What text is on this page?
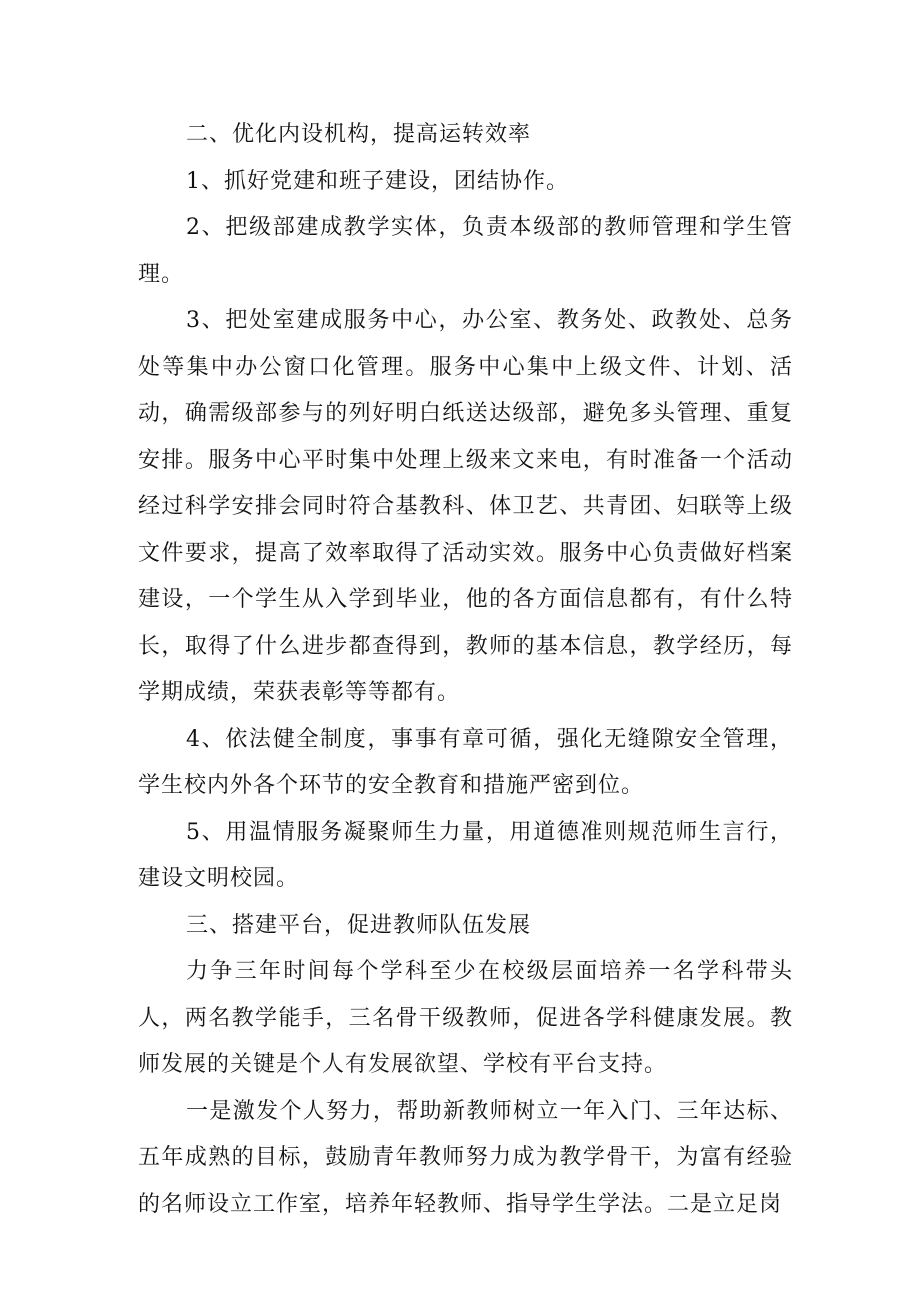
二、优化内设机构，提高运转效率

1、抓好党建和班子建设，团结协作。

2、把级部建成教学实体，负责本级部的教师管理和学生管理。

3、把处室建成服务中心，办公室、教务处、政教处、总务处等集中办公窗口化管理。服务中心集中上级文件、计划、活动，确需级部参与的列好明白纸送达级部，避免多头管理、重复安排。服务中心平时集中处理上级来文来电，有时准备一个活动经过科学安排会同时符合基教科、体卫艺、共青团、妇联等上级文件要求，提高了效率取得了活动实效。服务中心负责做好档案建设，一个学生从入学到毕业，他的各方面信息都有，有什么特长，取得了什么进步都查得到，教师的基本信息，教学经历，每学期成绩，荣获表彰等等都有。

4、依法健全制度，事事有章可循，强化无缝隙安全管理，学生校内外各个环节的安全教育和措施严密到位。

5、用温情服务凝聚师生力量，用道德准则规范师生言行，建设文明校园。

三、搭建平台，促进教师队伍发展

力争三年时间每个学科至少在校级层面培养一名学科带头人，两名教学能手，三名骨干级教师，促进各学科健康发展。教师发展的关键是个人有发展欲望、学校有平台支持。

一是激发个人努力，帮助新教师树立一年入门、三年达标、五年成熟的目标，鼓励青年教师努力成为教学骨干，为富有经验的名师设立工作室，培养年轻教师、指导学生学法。二是立足岗
